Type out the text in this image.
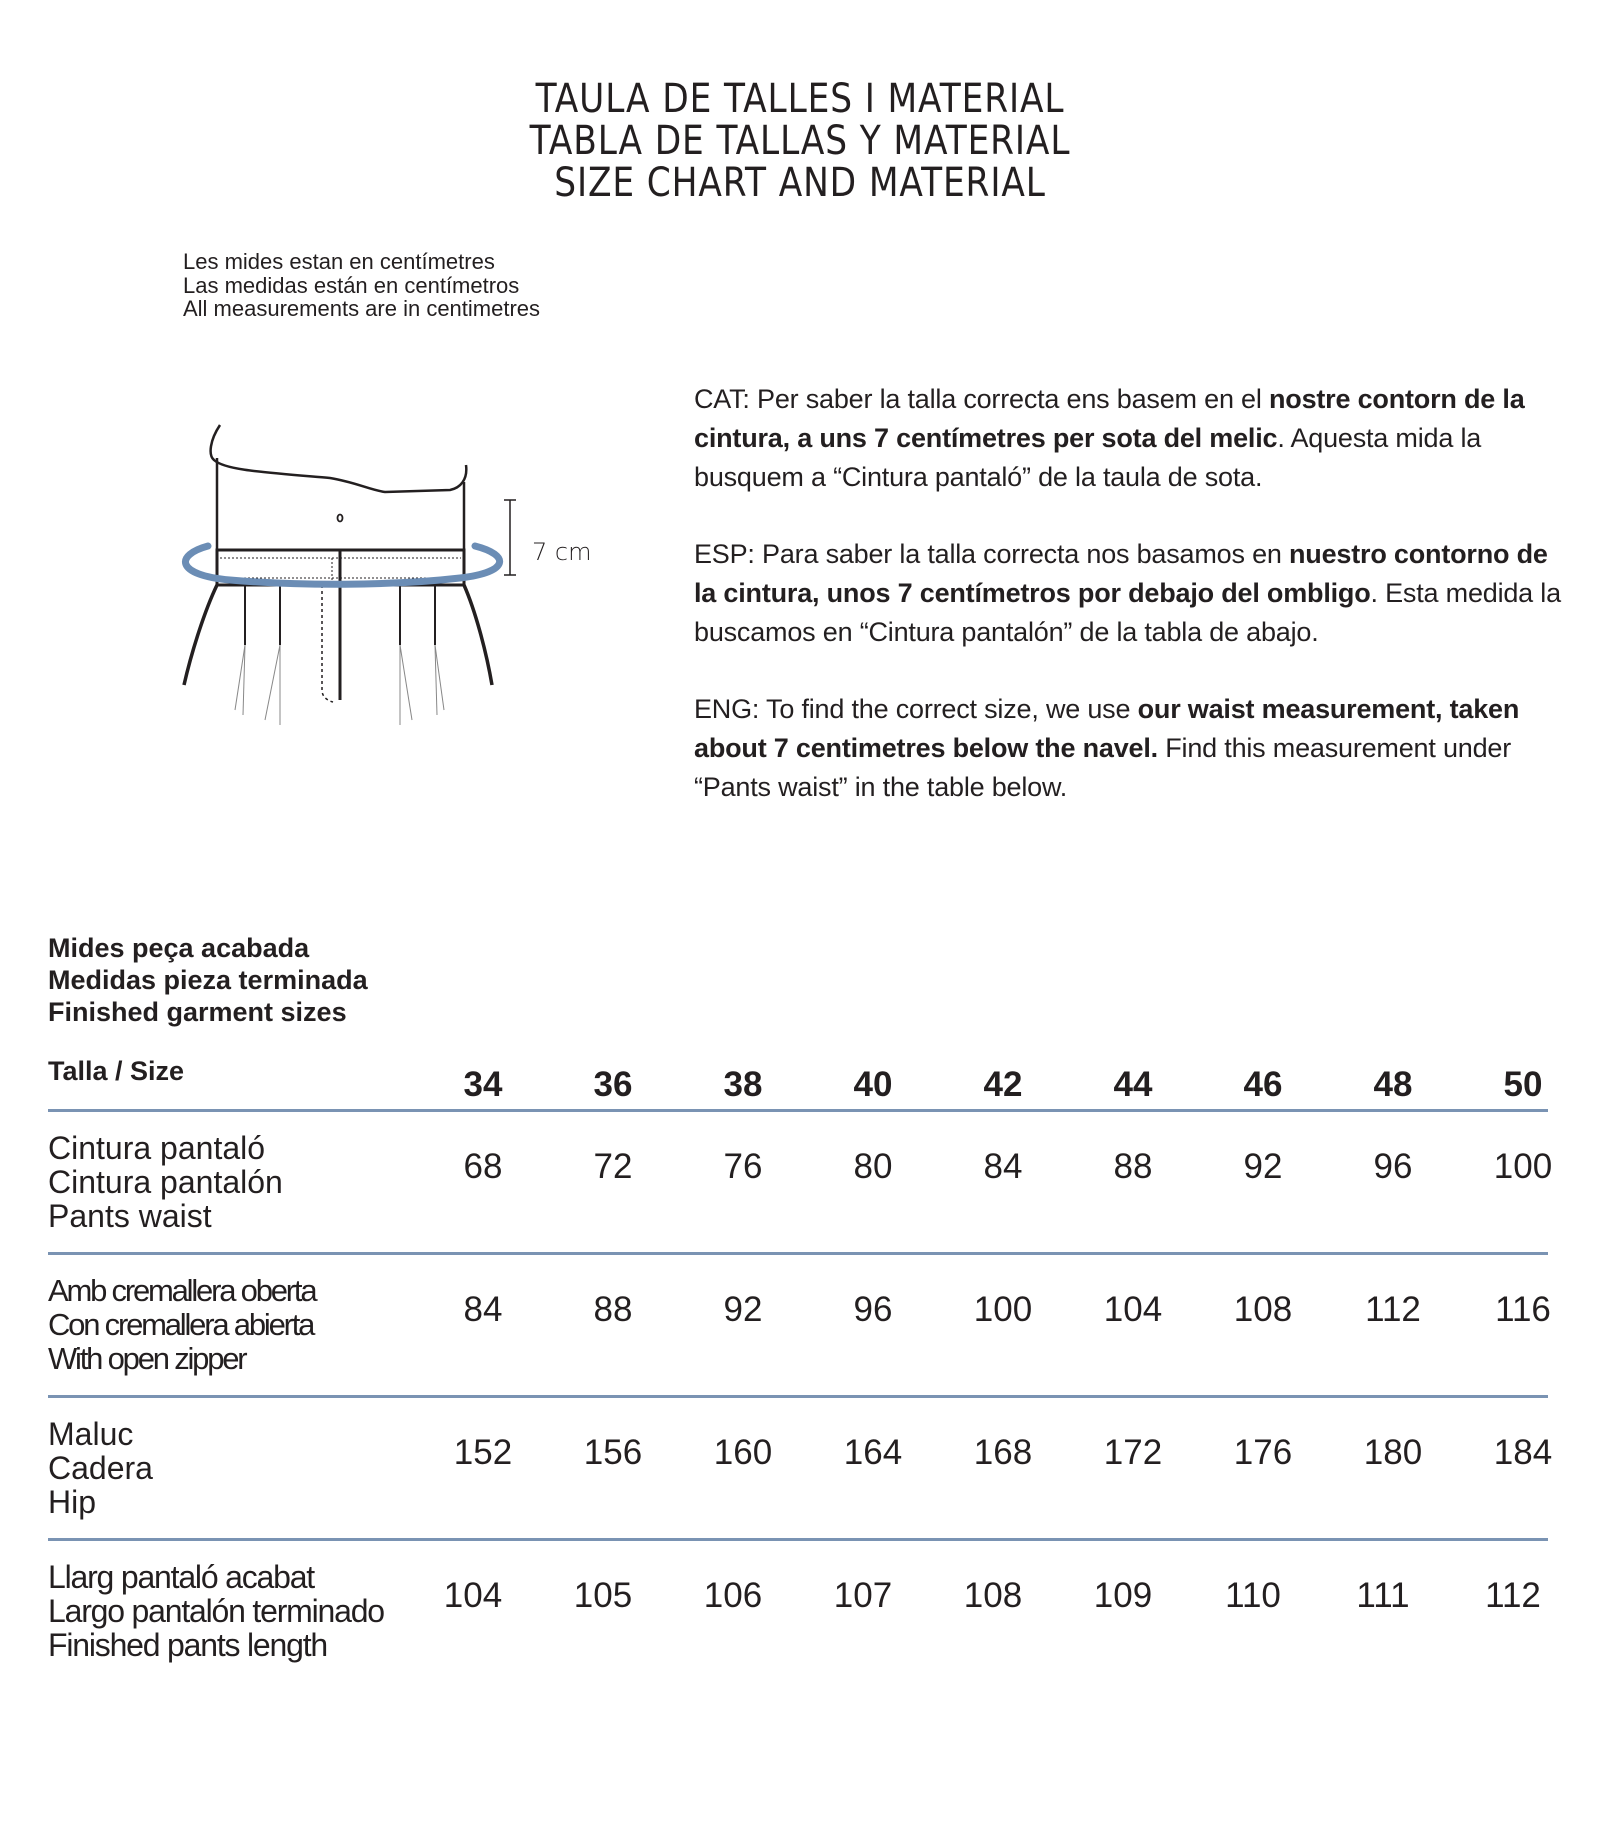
TAULA DE TALLES I MATERIAL
TABLA DE TALLAS Y MATERIAL
SIZE CHART AND MATERIAL
Les mides estan en centímetres
Las medidas están en centímetros
All measurements are in centimetres
7 cm

CAT: Per saber la talla correcta ens basem en el nostre contorn de la cintura, a uns 7 centímetres per sota del melic. Aquesta mida la busquem a “Cintura pantaló” de la taula de sota.

ESP: Para saber la talla correcta nos basamos en nuestro contorno de la cintura, unos 7 centímetros por debajo del ombligo. Esta medida la buscamos en “Cintura pantalón” de la tabla de abajo.

ENG: To find the correct size, we use our waist measurement, taken about 7 centimetres below the navel. Find this measurement under “Pants waist” in the table below.

Mides peça acabada
Medidas pieza terminada
Finished garment sizes
Talla / Size	34	36	38	40	42	44	46	48	50
Cintura pantaló
Cintura pantalón
Pants waist
68	72	76	80	84	88	92	96	100
Amb cremallera oberta
Con cremallera abierta
With open zipper
84	88	92	96	100	104	108	112	116
Maluc
Cadera
Hip
152	156	160	164	168	172	176	180	184
Llarg pantaló acabat
Largo pantalón terminado
Finished pants length
104	105	106	107	108	109	110	111	112
